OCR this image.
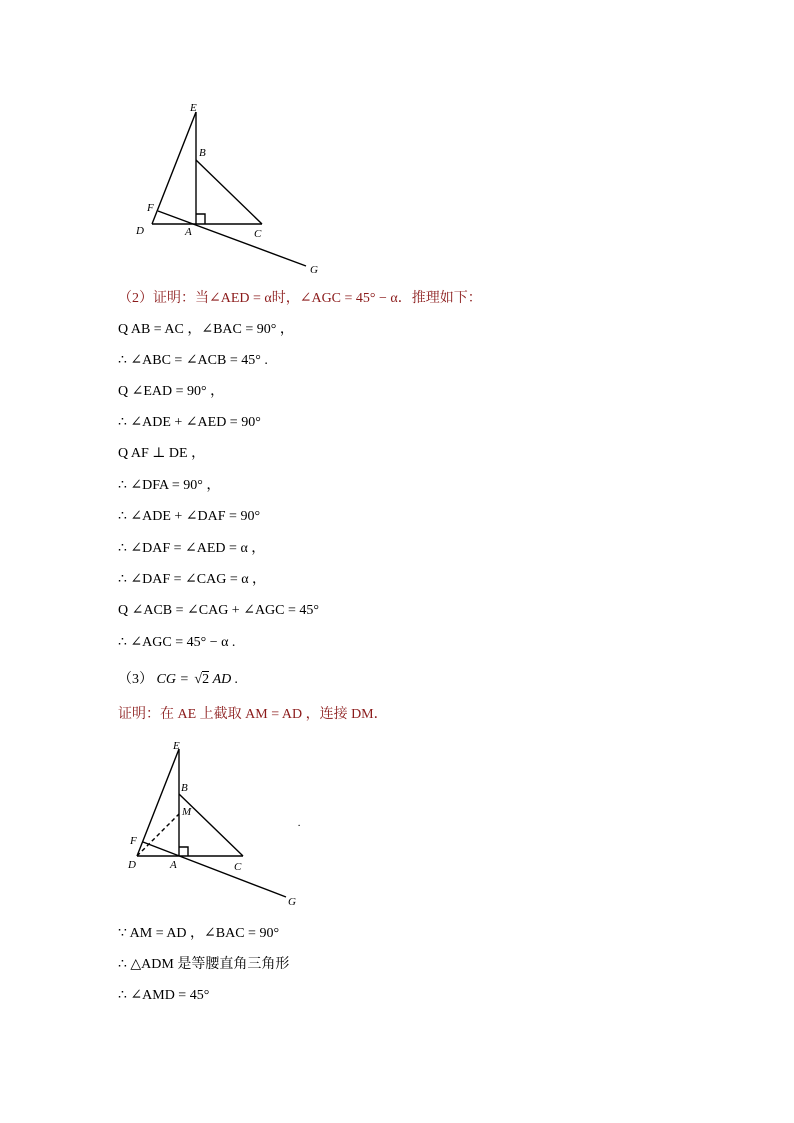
E
B
F
D	A	C
G
（2）证明：当∠AED = α时，∠AGC = 45° − α．推理如下：
Q AB = AC ，∠BAC = 90° ，
∴ ∠ABC = ∠ACB = 45° .
Q ∠EAD = 90° ，
∴ ∠ADE + ∠AED = 90°
Q AF ⊥ DE ，
∴ ∠DFA = 90° ，
∴ ∠ADE + ∠DAF = 90°
∴ ∠DAF = ∠AED = α ，
∴ ∠DAF = ∠CAG = α ，
Q ∠ACB = ∠CAG + ∠AGC = 45°
∴ ∠AGC = 45° − α .
（3） CG = √2 AD .
证明：在 AE 上截取 AM = AD ，连接 DM．
E
B
M
F
D	A	C
G
.
∵ AM = AD ，∠BAC = 90°
∴ △ADM 是等腰直角三角形
∴ ∠AMD = 45°
